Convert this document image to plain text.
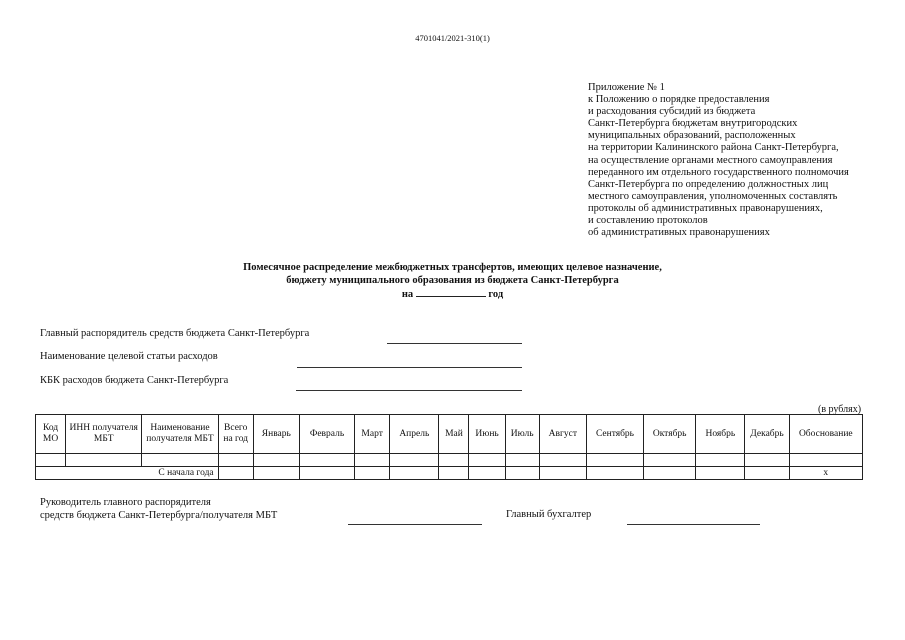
4701041/2021-310(1)
Приложение № 1
к Положению о порядке предоставления
и расходования субсидий из бюджета
Санкт-Петербурга бюджетам внутригородских
муниципальных образований, расположенных
на территории Калининского района Санкт-Петербурга,
на осуществление органами местного самоуправления
переданного им отдельного государственного полномочия
Санкт-Петербурга по определению должностных лиц
местного самоуправления, уполномоченных составлять
протоколы об административных правонарушениях,
и составлению протоколов
об административных правонарушениях
Помесячное распределение межбюджетных трансфертов, имеющих целевое назначение,
бюджету муниципального образования из бюджета Санкт-Петербурга
на	год
Главный распорядитель средств бюджета Санкт-Петербурга
Наименование целевой статьи расходов
КБК расходов бюджета Санкт-Петербурга
(в рублях)
Код МО	ИНН получателя МБТ	Наименование получателя МБТ	Всего на год	Январь	Февраль	Март	Апрель	Май	Июнь	Июль	Август	Сентябрь	Октябрь	Ноябрь	Декабрь	Обоснование

С начала года																x
Руководитель главного распорядителя
средств бюджета Санкт-Петербурга/получателя МБТ	Главный бухгалтер
